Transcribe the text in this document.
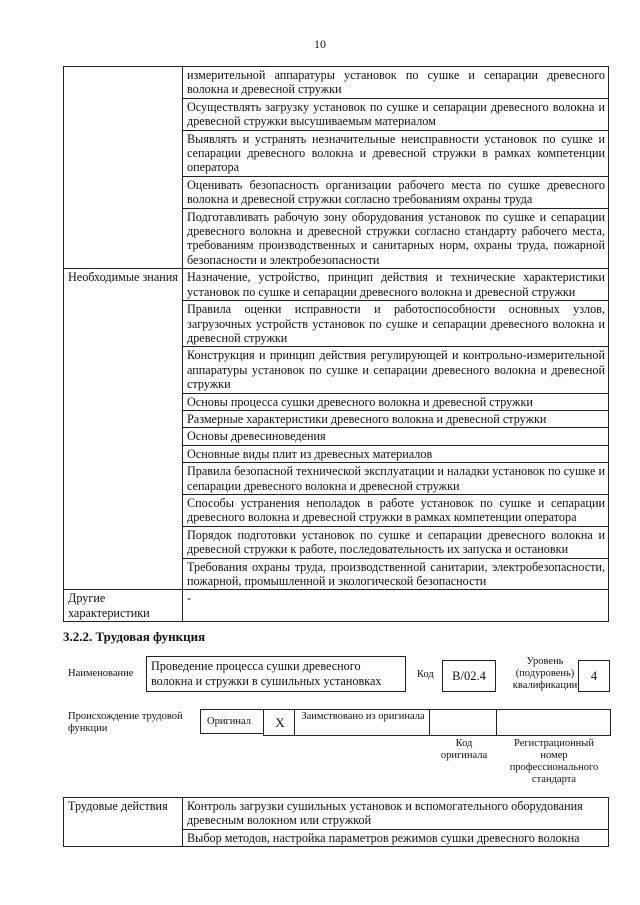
10
	измерительной аппаратуры установок по сушке и сепарации древесного волокна и древесной стружки
	Осуществлять загрузку установок по сушке и сепарации древесного волокна и древесной стружки высушиваемым материалом
	Выявлять и устранять незначительные неисправности установок по сушке и сепарации древесного волокна и древесной стружки в рамках компетенции оператора
	Оценивать безопасность организации рабочего места по сушке древесного волокна и древесной стружки согласно требованиям охраны труда
	Подготавливать рабочую зону оборудования установок по сушке и сепарации древесного волокна и древесной стружки согласно стандарту рабочего места, требованиям производственных и санитарных норм, охраны труда, пожарной безопасности и электробезопасности
Необходимые знания	Назначение, устройство, принцип действия и технические характеристики установок по сушке и сепарации древесного волокна и древесной стружки
	Правила оценки исправности и работоспособности основных узлов, загрузочных устройств установок по сушке и сепарации древесного волокна и древесной стружки
	Конструкция и принцип действия регулирующей и контрольно-измерительной аппаратуры установок по сушке и сепарации древесного волокна и древесной стружки
	Основы процесса сушки древесного волокна и древесной стружки
	Размерные характеристики древесного волокна и древесной стружки
	Основы древесиноведения
	Основные виды плит из древесных материалов
	Правила безопасной технической эксплуатации и наладки установок по сушке и сепарации древесного волокна и древесной стружки
	Способы устранения неполадок в работе установок по сушке и сепарации древесного волокна и древесной стружки в рамках компетенции оператора
	Порядок подготовки установок по сушке и сепарации древесного волокна и древесной стружки к работе, последовательность их запуска и остановки
	Требования охраны труда, производственной санитарии, электробезопасности, пожарной, промышленной и экологической безопасности
Другие характеристики	-
3.2.2. Трудовая функция
Наименование
Проведение процесса сушки древесного волокна и стружки в сушильных установках	Код	B/02.4
Уровень (подуровень) квалификации
4
Происхождение трудовой функции
Оригинал	X	Заимствовано из оригинала
Код оригинала
Регистрационный номер профессионального стандарта
Трудовые действия	Контроль загрузки сушильных установок и вспомогательного оборудования древесным волокном или стружкой
Выбор методов, настройка параметров режимов сушки древесного волокна
